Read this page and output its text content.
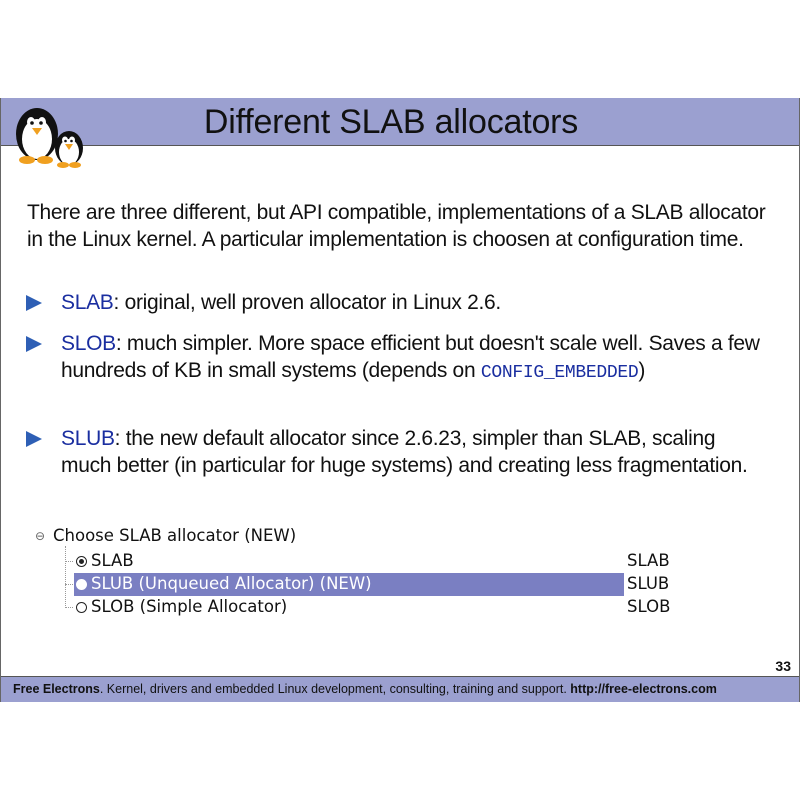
Different SLAB allocators
There are three different, but API compatible, implementations of a SLAB allocator in the Linux kernel. A particular implementation is choosen at configuration time.
SLAB: original, well proven allocator in Linux 2.6.
SLOB: much simpler. More space efficient but doesn't scale well. Saves a few hundreds of KB in small systems (depends on CONFIG_EMBEDDED)
SLUB: the new default allocator since 2.6.23, simpler than SLAB, scaling much better (in particular for huge systems) and creating less fragmentation.
⊖ Choose SLAB allocator (NEW)
SLAB	SLAB
SLUB (Unqueued Allocator) (NEW)	SLUB
SLOB (Simple Allocator)	SLOB
33
Free Electrons. Kernel, drivers and embedded Linux development, consulting, training and support. http://free-electrons.com
